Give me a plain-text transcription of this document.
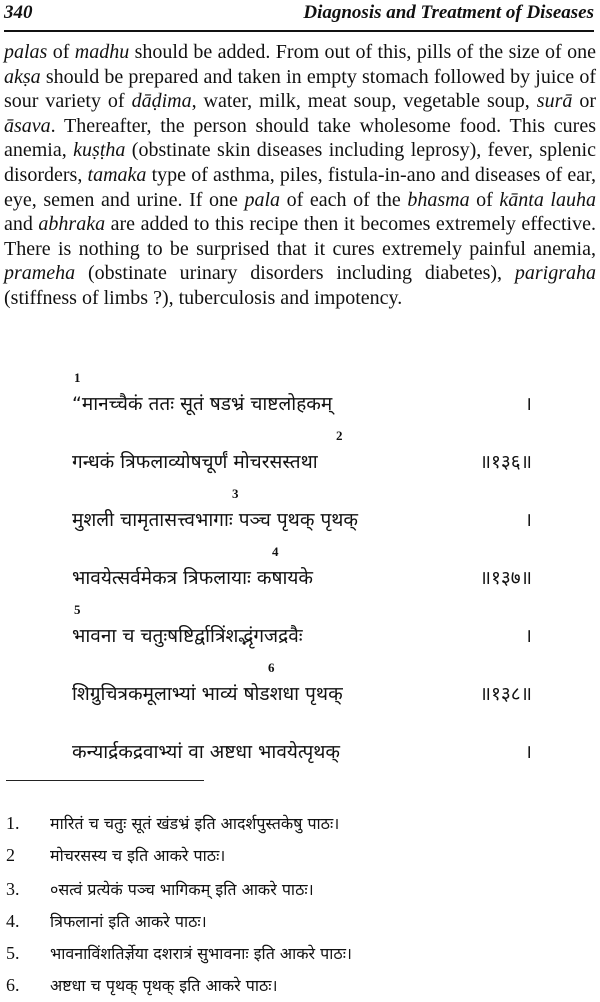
340	Diagnosis and Treatment of Diseases
palas of madhu should be added. From out of this, pills of the size of one akṣa should be prepared and taken in empty stomach followed by juice of sour variety of dāḍima, water, milk, meat soup, vegetable soup, surā or āsava. Thereafter, the person should take wholesome food. This cures anemia, kuṣṭha (obstinate skin diseases including leprosy), fever, splenic disorders, tamaka type of asthma, piles, fistula-in-ano and diseases of ear, eye, semen and urine. If one pala of each of the bhasma of kānta lauha and abhraka are added to this recipe then it becomes extremely effective. There is nothing to be surprised that it cures extremely painful anemia, prameha (obstinate urinary disorders including diabetes), parigraha (stiffness of limbs ?), tuberculosis and impotency.
1
“मानच्चैकं ततः सूतं षडभ्रं चाष्टलोहकम्	।
2
गन्धकं त्रिफलाव्योषचूर्णं मोचरसस्तथा	॥१३६॥
3
मुशली चामृतासत्त्वभागाः पञ्च पृथक् पृथक्	।
4
भावयेत्सर्वमेकत्र त्रिफलायाः कषायके	॥१३७॥
5
भावना च चतुःषष्टिर्द्वात्रिंशद्भृंगजद्रवैः	।
6
शिग्रुचित्रकमूलाभ्यां भाव्यं षोडशधा पृथक्	॥१३८॥
कन्यार्द्रकद्रवाभ्यां वा अष्टधा भावयेत्पृथक्	।
1. मारितं च चतुः सूतं खंडभ्रं इति आदर्शपुस्तकेषु पाठः।
2 मोचरसस्य च इति आकरे पाठः।
3. ०सत्वं प्रत्येकं पञ्च भागिकम् इति आकरे पाठः।
4. त्रिफलानां इति आकरे पाठः।
5. भावनाविंशतिर्ज्ञेया दशरात्रं सुभावनाः इति आकरे पाठः।
6. अष्टधा च पृथक् पृथक् इति आकरे पाठः।
